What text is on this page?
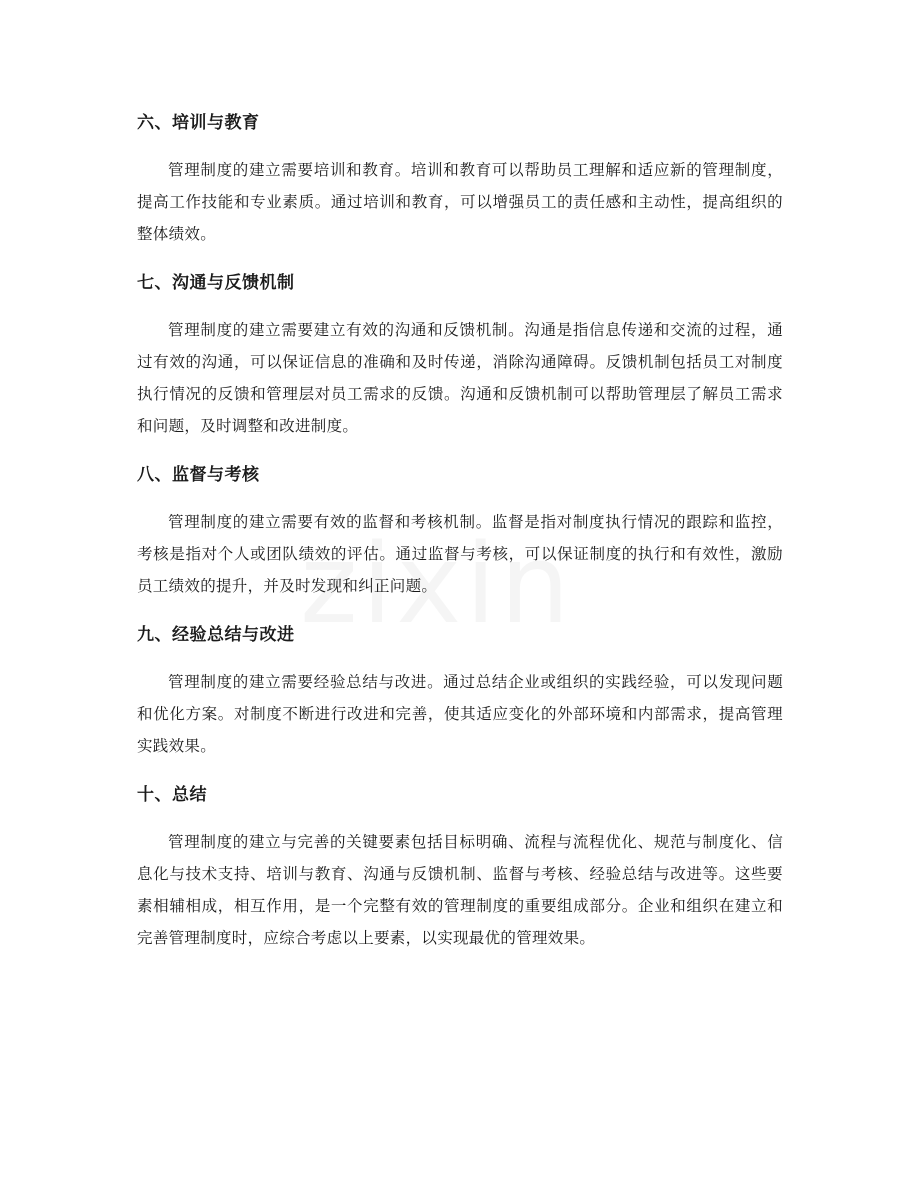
六、培训与教育

管理制度的建立需要培训和教育。培训和教育可以帮助员工理解和适应新的管理制度，提高工作技能和专业素质。通过培训和教育，可以增强员工的责任感和主动性，提高组织的整体绩效。

七、沟通与反馈机制

管理制度的建立需要建立有效的沟通和反馈机制。沟通是指信息传递和交流的过程，通过有效的沟通，可以保证信息的准确和及时传递，消除沟通障碍。反馈机制包括员工对制度执行情况的反馈和管理层对员工需求的反馈。沟通和反馈机制可以帮助管理层了解员工需求和问题，及时调整和改进制度。

八、监督与考核

管理制度的建立需要有效的监督和考核机制。监督是指对制度执行情况的跟踪和监控，考核是指对个人或团队绩效的评估。通过监督与考核，可以保证制度的执行和有效性，激励员工绩效的提升，并及时发现和纠正问题。

九、经验总结与改进

管理制度的建立需要经验总结与改进。通过总结企业或组织的实践经验，可以发现问题和优化方案。对制度不断进行改进和完善，使其适应变化的外部环境和内部需求，提高管理实践效果。

十、总结

管理制度的建立与完善的关键要素包括目标明确、流程与流程优化、规范与制度化、信息化与技术支持、培训与教育、沟通与反馈机制、监督与考核、经验总结与改进等。这些要素相辅相成，相互作用，是一个完整有效的管理制度的重要组成部分。企业和组织在建立和完善管理制度时，应综合考虑以上要素，以实现最优的管理效果。
